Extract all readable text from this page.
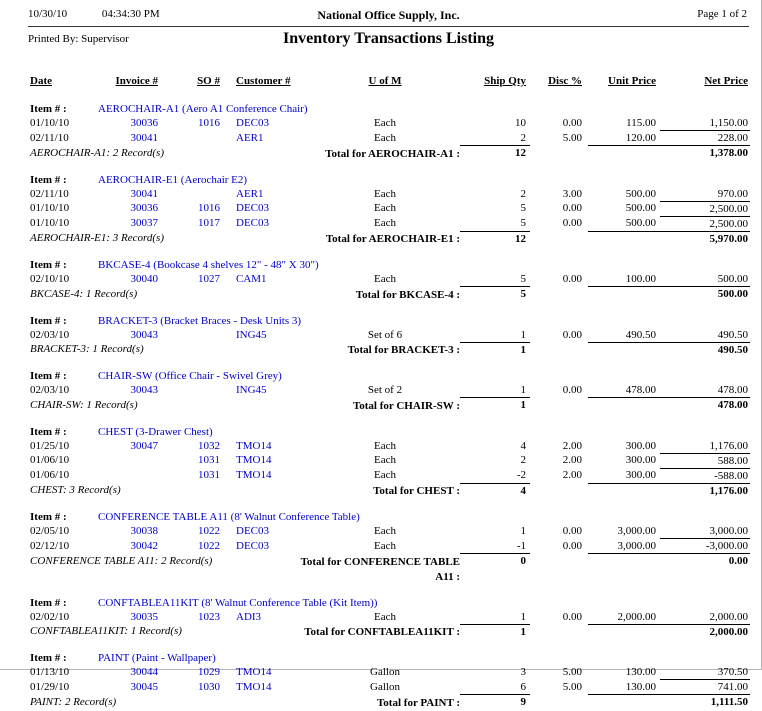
10/30/10	04:34:30 PM	National Office Supply, Inc.	Page 1 of 2
Printed By: Supervisor	Inventory Transactions Listing
Date	Invoice #	SO #	Customer #	U of M	Ship Qty	Disc %	Unit Price	Net Price
Item # :	AEROCHAIR-A1 (Aero A1 Conference Chair)							
01/10/10	30036	1016	DEC03	Each	10	0.00	115.00	1,150.00
02/11/10	30041		AER1	Each	2	5.00	120.00	228.00
AEROCHAIR-A1: 2 Record(s)			Total for AEROCHAIR-A1 :		12			1,378.00
Item # :	AEROCHAIR-E1 (Aerochair E2)							
02/11/10	30041		AER1	Each	2	3.00	500.00	970.00
01/10/10	30036	1016	DEC03	Each	5	0.00	500.00	2,500.00
01/10/10	30037	1017	DEC03	Each	5	0.00	500.00	2,500.00
AEROCHAIR-E1: 3 Record(s)			Total for AEROCHAIR-E1 :		12			5,970.00
Item # :	BKCASE-4 (Bookcase 4 shelves 12" - 48" X 30")							
02/10/10	30040	1027	CAM1	Each	5	0.00	100.00	500.00
BKCASE-4: 1 Record(s)			Total for BKCASE-4 :		5			500.00
Item # :	BRACKET-3 (Bracket Braces - Desk Units 3)							
02/03/10	30043		ING45	Set of 6	1	0.00	490.50	490.50
BRACKET-3: 1 Record(s)			Total for BRACKET-3 :		1			490.50
Item # :	CHAIR-SW (Office Chair - Swivel Grey)							
02/03/10	30043		ING45	Set of 2	1	0.00	478.00	478.00
CHAIR-SW: 1 Record(s)			Total for CHAIR-SW :		1			478.00
Item # :	CHEST (3-Drawer Chest)							
01/25/10	30047	1032	TMO14	Each	4	2.00	300.00	1,176.00
01/06/10		1031	TMO14	Each	2	2.00	300.00	588.00
01/06/10		1031	TMO14	Each	-2	2.00	300.00	-588.00
CHEST: 3 Record(s)			Total for CHEST :		4			1,176.00
Item # :	CONFERENCE TABLE A11 (8' Walnut Conference Table)							
02/05/10	30038	1022	DEC03	Each	1	0.00	3,000.00	3,000.00
02/12/10	30042	1022	DEC03	Each	-1	0.00	3,000.00	-3,000.00
CONFERENCE TABLE A11: 2 Record(s)			Total for CONFERENCE TABLE A11 :		0			0.00
Item # :	CONFTABLEA11KIT (8' Walnut Conference Table (Kit Item))							
02/02/10	30035	1023	ADI3	Each	1	0.00	2,000.00	2,000.00
CONFTABLEA11KIT: 1 Record(s)			Total for CONFTABLEA11KIT :		1			2,000.00
Item # :	PAINT (Paint - Wallpaper)							
01/13/10	30044	1029	TMO14	Gallon	3	5.00	130.00	370.50
01/29/10	30045	1030	TMO14	Gallon	6	5.00	130.00	741.00
PAINT: 2 Record(s)			Total for PAINT :		9			1,111.50
